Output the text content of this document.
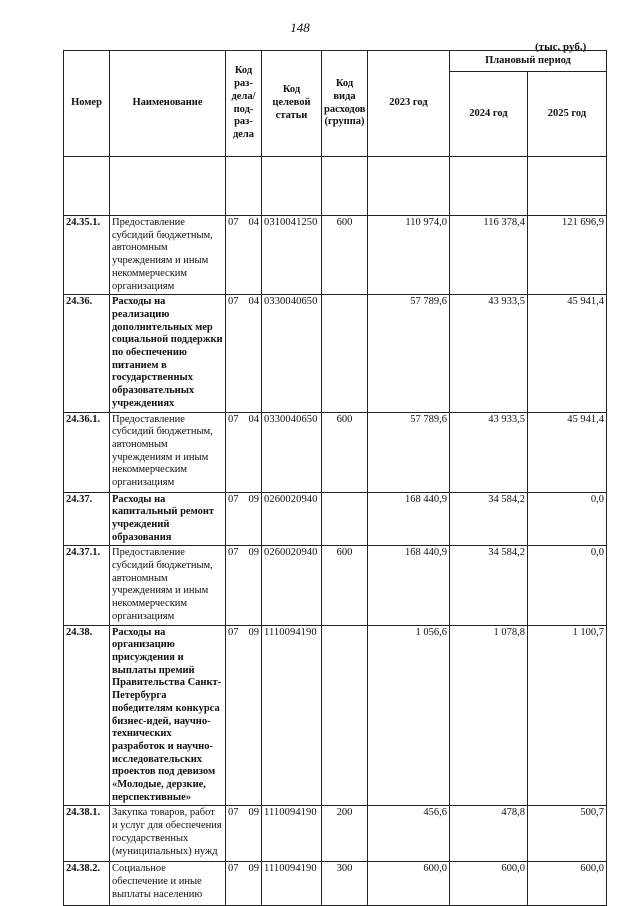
148
(тыс. руб.)
Номер	Наименование	Код раз-дела/ под-раз-дела	Код целевой статьи	Код вида расходов (группа)	2023 год	Плановый период	
						2024 год	2025 год

24.35.1.	Предоставление субсидий бюджетным, автономным учреждениям и иным некоммерческим организациям	07 04	0310041250	600	110 974,0	116 378,4	121 696,9
24.36.	Расходы на реализацию дополнительных мер социальной поддержки по обеспечению питанием в государственных образовательных учреждениях	07 04	0330040650		57 789,6	43 933,5	45 941,4
24.36.1.	Предоставление субсидий бюджетным, автономным учреждениям и иным некоммерческим организациям	07 04	0330040650	600	57 789,6	43 933,5	45 941,4
24.37.	Расходы на капитальный ремонт учреждений образования	07 09	0260020940		168 440,9	34 584,2	0,0
24.37.1.	Предоставление субсидий бюджетным, автономным учреждениям и иным некоммерческим организациям	07 09	0260020940	600	168 440,9	34 584,2	0,0
24.38.	Расходы на организацию присуждения и выплаты премий Правительства Санкт-Петербурга победителям конкурса бизнес-идей, научно-технических разработок и научно-исследовательских проектов под девизом «Молодые, дерзкие, перспективные»	07 09	1110094190		1 056,6	1 078,8	1 100,7
24.38.1.	Закупка товаров, работ и услуг для обеспечения государственных (муниципальных) нужд	07 09	1110094190	200	456,6	478,8	500,7
24.38.2.	Социальное обеспечение и иные выплаты населению	07 09	1110094190	300	600,0	600,0	600,0
